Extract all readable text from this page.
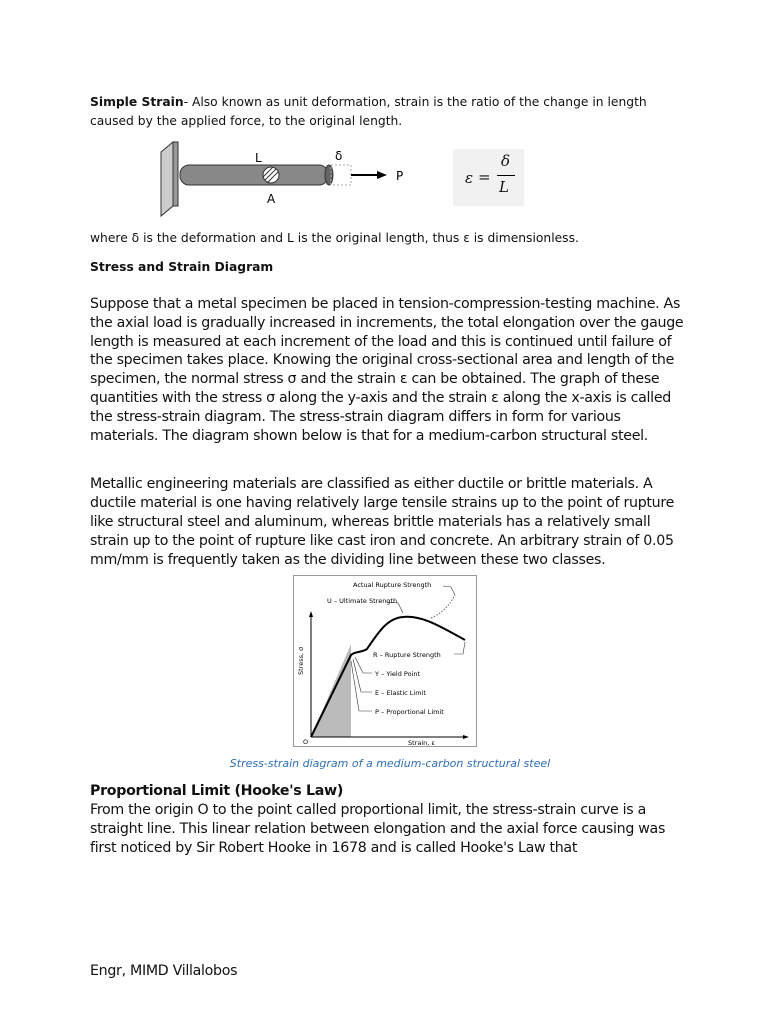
Simple Strain- Also known as unit deformation, strain is the ratio of the change in length caused by the applied force, to the original length.
L	δ
P
A
ε =
δ
L
where δ is the deformation and L is the original length, thus ε is dimensionless.
Stress and Strain Diagram
Suppose that a metal specimen be placed in tension-compression-testing machine. As the axial load is gradually increased in increments, the total elongation over the gauge length is measured at each increment of the load and this is continued until failure of the specimen takes place. Knowing the original cross-sectional area and length of the specimen, the normal stress σ and the strain ε can be obtained. The graph of these quantities with the stress σ along the y-axis and the strain ε along the x-axis is called the stress-strain diagram. The stress-strain diagram differs in form for various materials. The diagram shown below is that for a medium-carbon structural steel.
Metallic engineering materials are classified as either ductile or brittle materials. A ductile material is one having relatively large tensile strains up to the point of rupture like structural steel and aluminum, whereas brittle materials has a relatively small strain up to the point of rupture like cast iron and concrete. An arbitrary strain of 0.05 mm/mm is frequently taken as the dividing line between these two classes.
Actual Rupture Strength
U – Ultimate Strength
R – Rupture Strength
Y – Yield Point
E – Elastic Limit
P – Proportional Limit
O	Strain, ε
Stress, σ
Stress-strain diagram of a medium-carbon structural steel
Proportional Limit (Hooke's Law)
From the origin O to the point called proportional limit, the stress-strain curve is a straight line. This linear relation between elongation and the axial force causing was first noticed by Sir Robert Hooke in 1678 and is called Hooke's Law that
Engr, MIMD Villalobos
